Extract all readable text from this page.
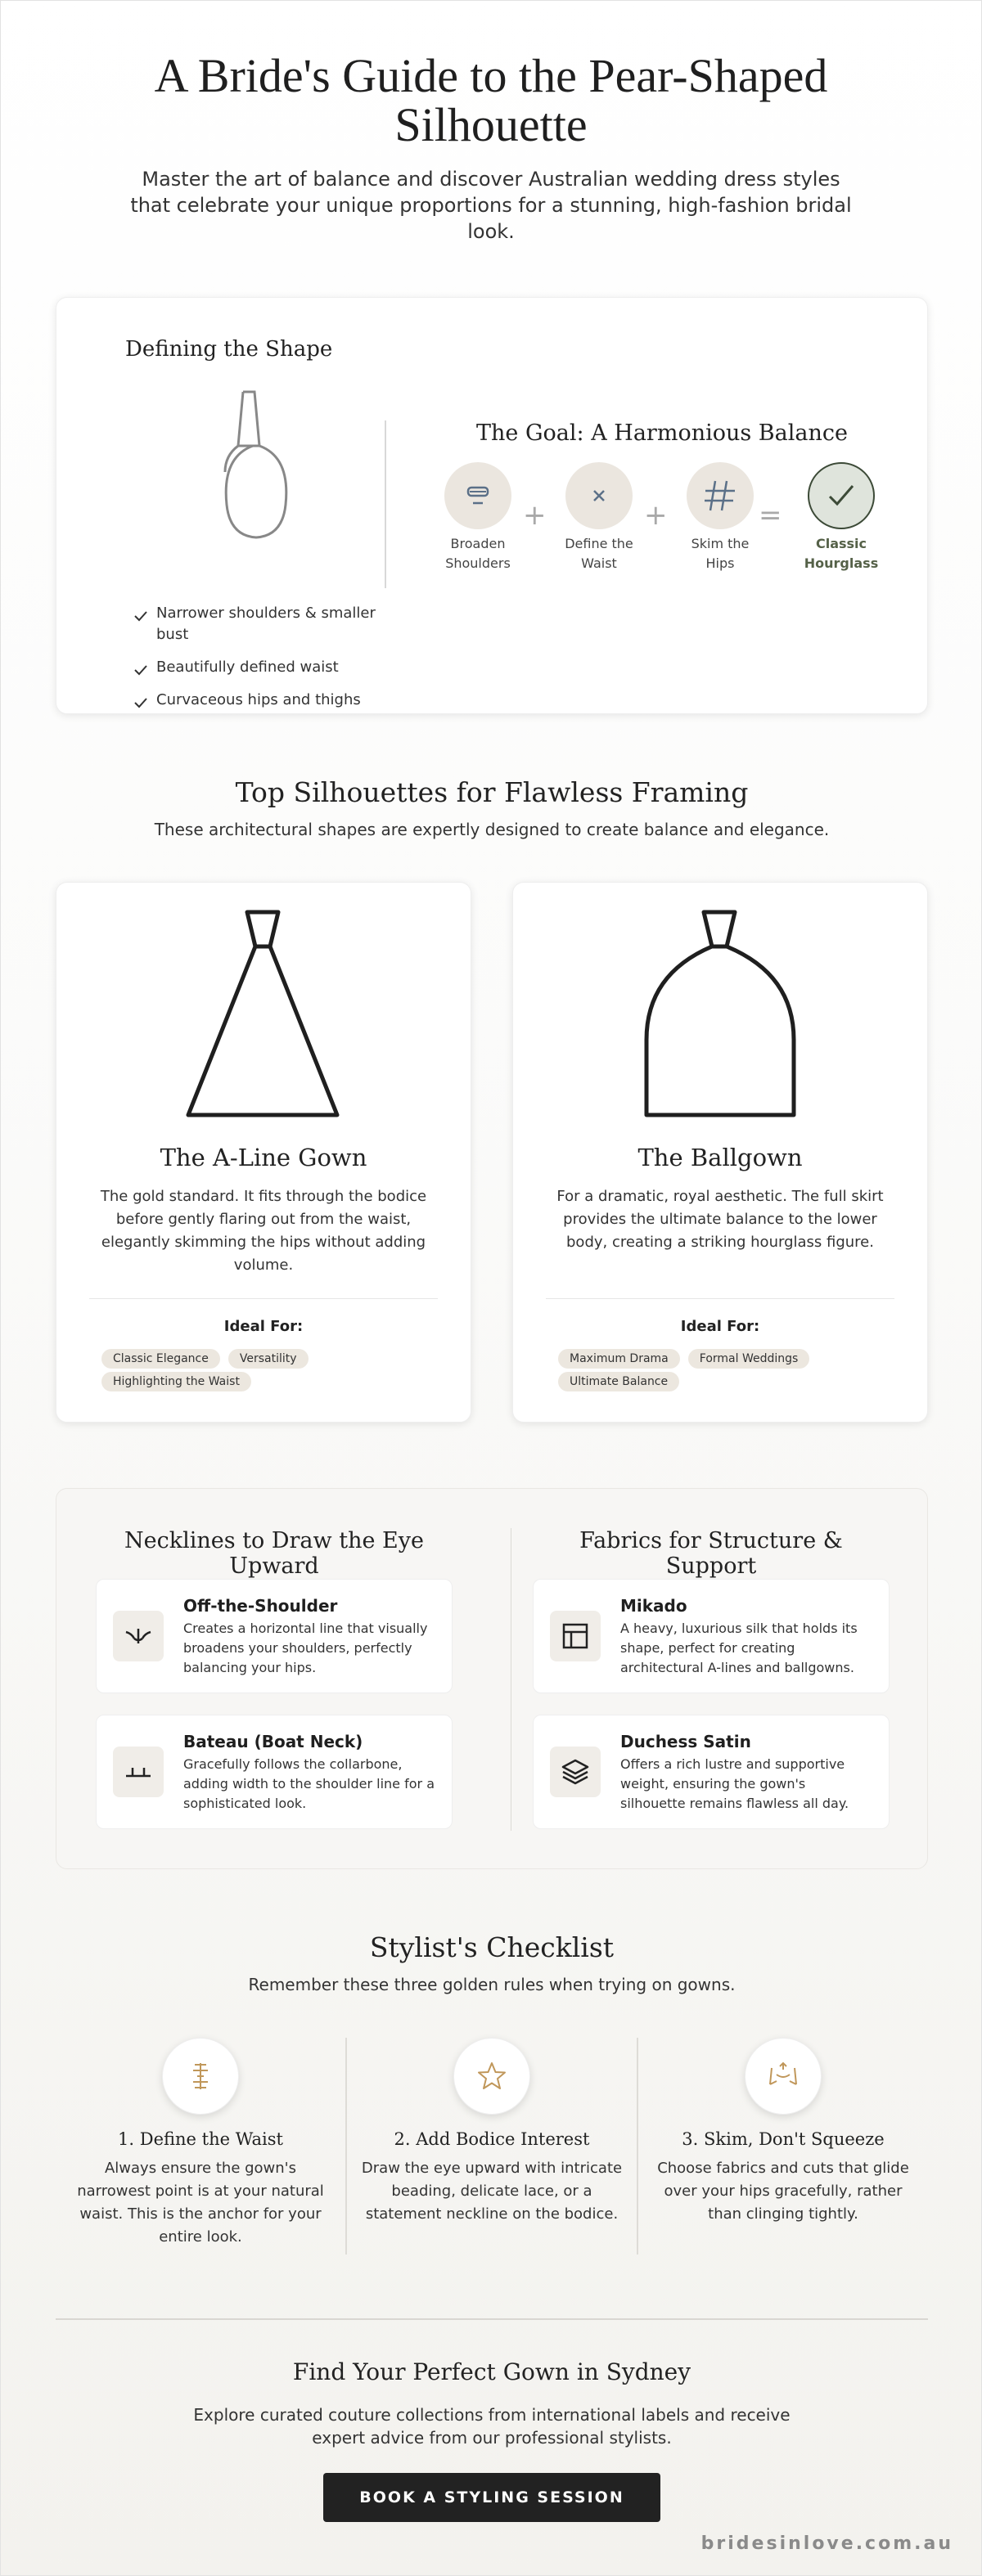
A Bride's Guide to the Pear-Shaped Silhouette

Master the art of balance and discover Australian wedding dress styles that celebrate your unique proportions for a stunning, high-fashion bridal look.

Defining the Shape
Narrower shoulders & smaller bust
Beautifully defined waist
Curvaceous hips and thighs
The Goal: A Harmonious Balance
Broaden Shoulders
+
Define the Waist
+
Skim the Hips
=
Classic Hourglass
Top Silhouettes for Flawless Framing

These architectural shapes are expertly designed to create balance and elegance.

The A-Line Gown

The gold standard. It fits through the bodice before gently flaring out from the waist, elegantly skimming the hips without adding volume.

Ideal For:
Classic Elegance	VersatilityHighlighting the Waist
The Ballgown

For a dramatic, royal aesthetic. The full skirt provides the ultimate balance to the lower body, creating a striking hourglass figure.

Ideal For:
Maximum Drama	Formal WeddingsUltimate Balance
Necklines to Draw the Eye Upward
Off-the-Shoulder

Creates a horizontal line that visually broadens your shoulders, perfectly balancing your hips.

Bateau (Boat Neck)

Gracefully follows the collarbone, adding width to the shoulder line for a sophisticated look.

Fabrics for Structure & Support
Mikado

A heavy, luxurious silk that holds its shape, perfect for creating architectural A-lines and ballgowns.

Duchess Satin

Offers a rich lustre and supportive weight, ensuring the gown's silhouette remains flawless all day.

Stylist's Checklist

Remember these three golden rules when trying on gowns.

1. Define the Waist

Always ensure the gown's narrowest point is at your natural waist. This is the anchor for your entire look.

2. Add Bodice Interest

Draw the eye upward with intricate beading, delicate lace, or a statement neckline on the bodice.

3. Skim, Don't Squeeze

Choose fabrics and cuts that glide over your hips gracefully, rather than clinging tightly.

Find Your Perfect Gown in Sydney

Explore curated couture collections from international labels and receive expert advice from our professional stylists.

BOOK A STYLING SESSION
bridesinlove.com.au
